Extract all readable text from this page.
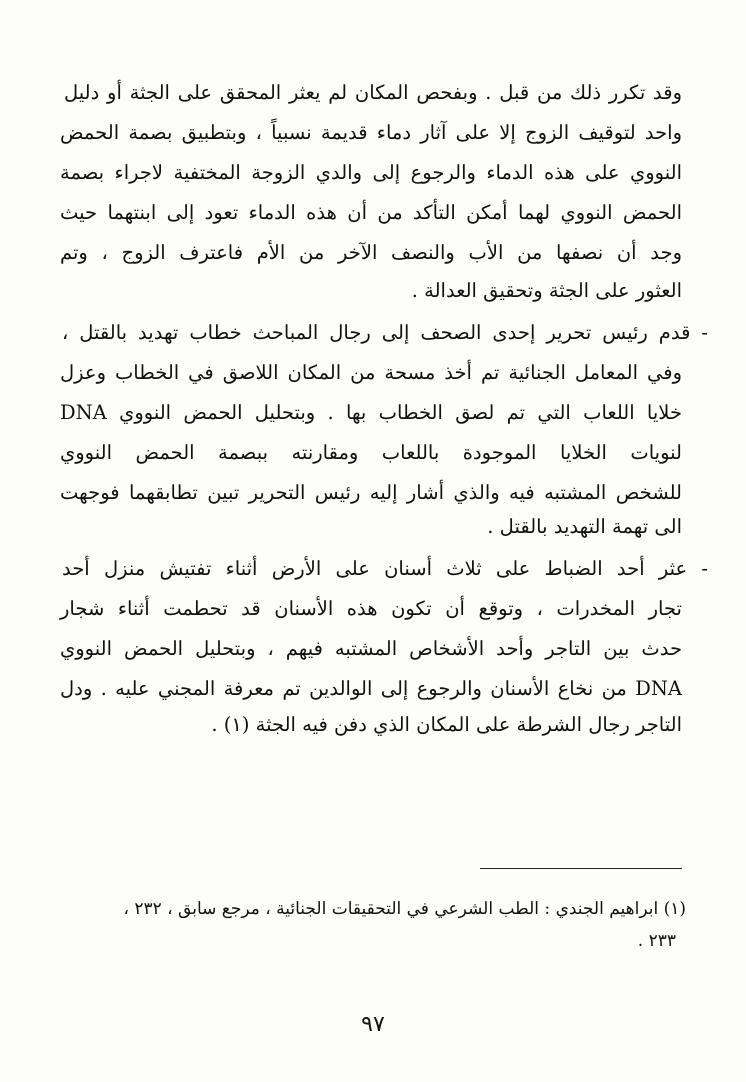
وقد تكرر ذلك من قبل . وبفحص المكان لم يعثر المحقق على الجثة أو دليل
واحد لتوقيف الزوج إلا على آثار دماء قديمة نسبياً ، وبتطبيق بصمة الحمض
النووي على هذه الدماء والرجوع إلى والدي الزوجة المختفية لاجراء بصمة
الحمض النووي لهما أمكن التأكد من أن هذه الدماء تعود إلى ابنتهما حيث
وجد أن نصفها من الأب والنصف الآخر من الأم فاعترف الزوج ، وتم
العثور على الجثة وتحقيق العدالة .
- قدم رئيس تحرير إحدى الصحف إلى رجال المباحث خطاب تهديد بالقتل ،
وفي المعامل الجنائية تم أخذ مسحة من المكان اللاصق في الخطاب وعزل
خلايا اللعاب التي تم لصق الخطاب بها . وبتحليل الحمض النووي DNA
لنويات الخلايا الموجودة باللعاب ومقارنته ببصمة الحمض النووي
للشخص المشتبه فيه والذي أشار إليه رئيس التحرير تبين تطابقهما فوجهت
الى تهمة التهديد بالقتل .
- عثر أحد الضباط على ثلاث أسنان على الأرض أثناء تفتيش منزل أحد
تجار المخدرات ، وتوقع أن تكون هذه الأسنان قد تحطمت أثناء شجار
حدث بين التاجر وأحد الأشخاص المشتبه فيهم ، وبتحليل الحمض النووي
DNA من نخاع الأسنان والرجوع إلى الوالدين تم معرفة المجني عليه . ودل
التاجر رجال الشرطة على المكان الذي دفن فيه الجثة (١) .
(١) ابراهيم الجندي : الطب الشرعي في التحقيقات الجنائية ، مرجع سابق ، ٢٣٢ ،
٢٣٣ .
٩٧
